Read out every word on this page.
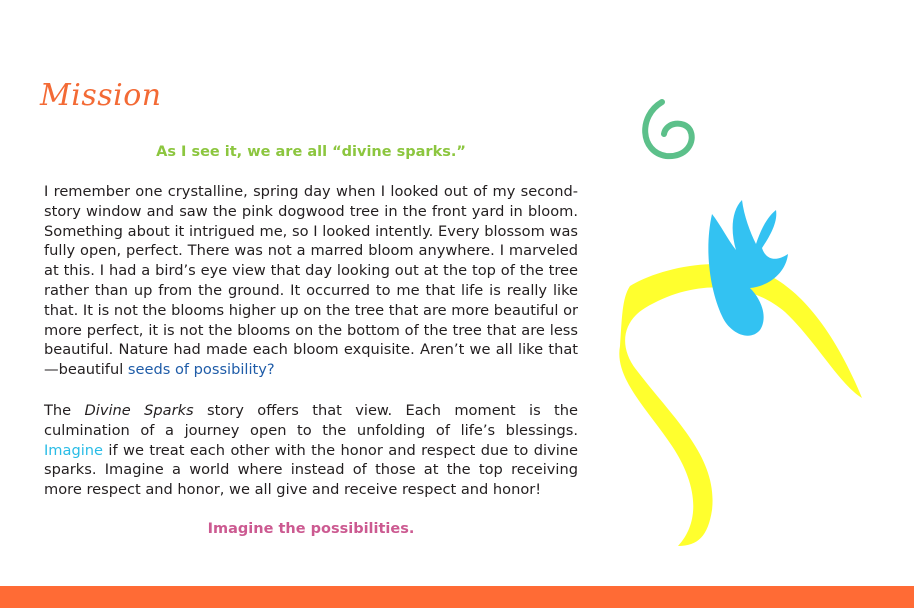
Mission
As I see it, we are all “divine sparks.”

I remember one crystalline, spring day when I looked out of my second-story window and saw the pink dogwood tree in the front yard in bloom. Something about it intrigued me, so I looked intently. Every blossom was fully open, perfect. There was not a marred bloom anywhere. I marveled at this. I had a bird’s eye view that day looking out at the top of the tree rather than up from the ground. It occurred to me that life is really like that. It is not the blooms higher up on the tree that are more beautiful or more perfect, it is not the blooms on the bottom of the tree that are less beautiful. Nature had made each bloom exquisite. Aren’t we all like that—beautiful seeds of possibility?

The Divine Sparks story offers that view. Each moment is the culmination of a journey open to the unfolding of life’s blessings. Imagine if we treat each other with the honor and respect due to divine sparks. Imagine a world where instead of those at the top receiving more respect and honor, we all give and receive respect and honor!

Imagine the possibilities.
